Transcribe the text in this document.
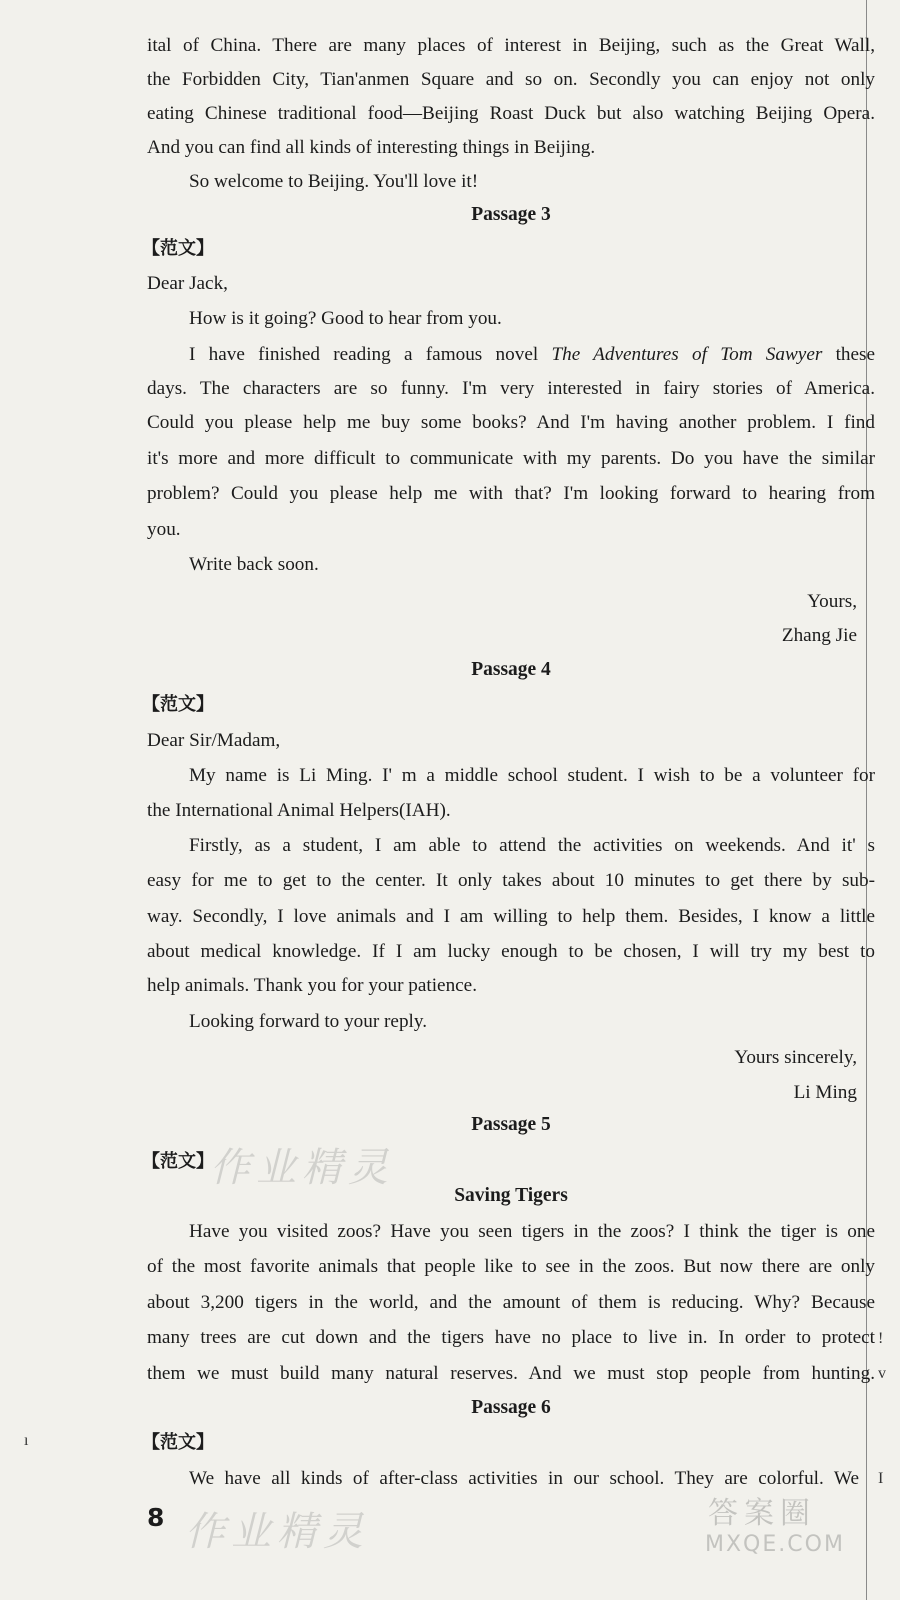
ital of China. There are many places of interest in Beijing, such as the Great Wall,
the Forbidden City, Tian'anmen Square and so on. Secondly you can enjoy not only
eating Chinese traditional food—Beijing Roast Duck but also watching Beijing Opera.
And you can find all kinds of interesting things in Beijing.
So welcome to Beijing. You'll love it!
Passage 3
【范文】
Dear Jack,
How is it going? Good to hear from you.
I have finished reading a famous novel The Adventures of Tom Sawyer these
days. The characters are so funny. I'm very interested in fairy stories of America.
Could you please help me buy some books? And I'm having another problem. I find
it's more and more difficult to communicate with my parents. Do you have the similar
problem? Could you please help me with that? I'm looking forward to hearing from
you.
Write back soon.
Yours,
Zhang Jie
Passage 4
【范文】
Dear Sir/Madam,
My name is Li Ming. I' m a middle school student. I wish to be a volunteer for
the International Animal Helpers(IAH).
Firstly, as a student, I am able to attend the activities on weekends. And it' s
easy for me to get to the center. It only takes about 10 minutes to get there by sub-
way. Secondly, I love animals and I am willing to help them. Besides, I know a little
about medical knowledge. If I am lucky enough to be chosen, I will try my best to
help animals. Thank you for your patience.
Looking forward to your reply.
Yours sincerely,
Li Ming
Passage 5
【范文】
Saving Tigers
Have you visited zoos? Have you seen tigers in the zoos? I think the tiger is one
of the most favorite animals that people like to see in the zoos. But now there are only
about 3,200 tigers in the world, and the amount of them is reducing. Why? Because
many trees are cut down and the tigers have no place to live in. In order to protect
them we must build many natural reserves. And we must stop people from hunting.
Passage 6
【范文】
We have all kinds of after-class activities in our school. They are colorful. We
8
作业精灵
作业精灵	答案圈
MXQE.COM
ı
!
v
I
